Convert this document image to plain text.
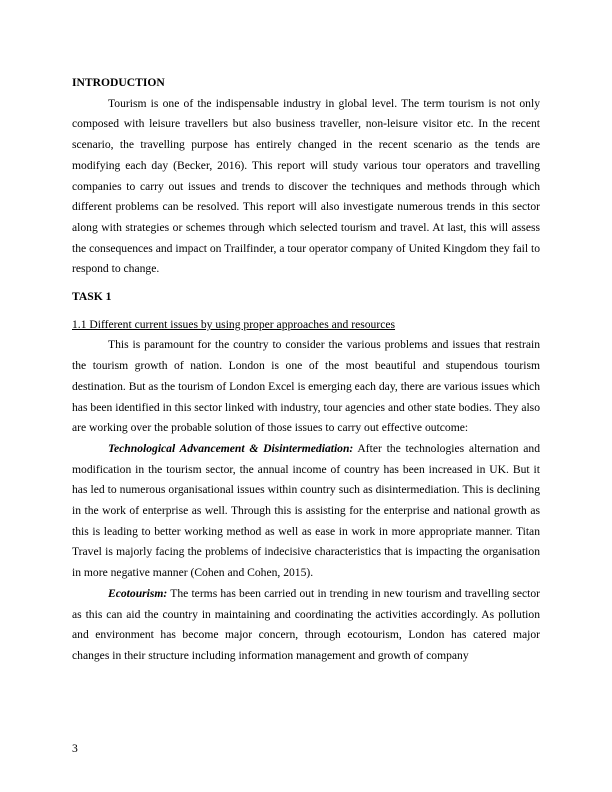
INTRODUCTION

Tourism is one of the indispensable industry in global level. The term tourism is not only composed with leisure travellers but also business traveller, non-leisure visitor etc. In the recent scenario, the travelling purpose has entirely changed in the recent scenario as the tends are modifying each day (Becker, 2016). This report will study various tour operators and travelling companies to carry out issues and trends to discover the techniques and methods through which different problems can be resolved. This report will also investigate numerous trends in this sector along with strategies or schemes through which selected tourism and travel. At last, this will assess the consequences and impact on Trailfinder, a tour operator company of United Kingdom they fail to respond to change.

TASK 1

1.1 Different current issues by using proper approaches and resources

This is paramount for the country to consider the various problems and issues that restrain the tourism growth of nation. London is one of the most beautiful and stupendous tourism destination. But as the tourism of London Excel is emerging each day, there are various issues which has been identified in this sector linked with industry, tour agencies and other state bodies. They also are working over the probable solution of those issues to carry out effective outcome:

Technological Advancement & Disintermediation: After the technologies alternation and modification in the tourism sector, the annual income of country has been increased in UK. But it has led to numerous organisational issues within country such as disintermediation. This is declining in the work of enterprise as well. Through this is assisting for the enterprise and national growth as this is leading to better working method as well as ease in work in more appropriate manner. Titan Travel is majorly facing the problems of indecisive characteristics that is impacting the organisation in more negative manner (Cohen and Cohen, 2015).

Ecotourism: The terms has been carried out in trending in new tourism and travelling sector as this can aid the country in maintaining and coordinating the activities accordingly. As pollution and environment has become major concern, through ecotourism, London has catered major changes in their structure including information management and growth of company

3
